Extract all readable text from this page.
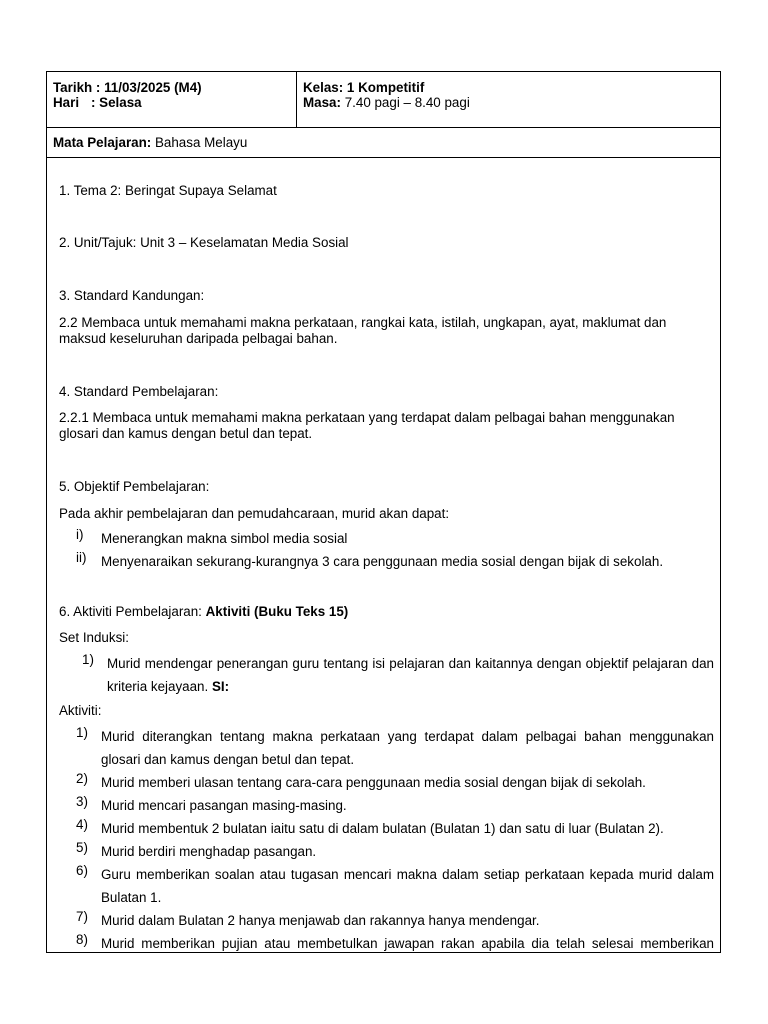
Tarikh : 11/03/2025 (M4)
Hari : Selasa
Kelas: 1 Kompetitif
Masa: 7.40 pagi – 8.40 pagi
Mata Pelajaran: Bahasa Melayu
1. Tema 2: Beringat Supaya Selamat
2. Unit/Tajuk: Unit 3 – Keselamatan Media Sosial
3. Standard Kandungan:
2.2 Membaca untuk memahami makna perkataan, rangkai kata, istilah, ungkapan, ayat, maklumat dan maksud keseluruhan daripada pelbagai bahan.
4. Standard Pembelajaran:
2.2.1 Membaca untuk memahami makna perkataan yang terdapat dalam pelbagai bahan menggunakan glosari dan kamus dengan betul dan tepat.
5. Objektif Pembelajaran:
Pada akhir pembelajaran dan pemudahcaraan, murid akan dapat:
i)	Menerangkan makna simbol media sosial
ii)	Menyenaraikan sekurang-kurangnya 3 cara penggunaan media sosial dengan bijak di sekolah.
6. Aktiviti Pembelajaran: Aktiviti (Buku Teks 15)
Set Induksi:
1) Murid mendengar penerangan guru tentang isi pelajaran dan kaitannya dengan objektif pelajaran dan kriteria kejayaan. SI:
Aktiviti:
1) Murid diterangkan tentang makna perkataan yang terdapat dalam pelbagai bahan menggunakan glosari dan kamus dengan betul dan tepat.
2) Murid memberi ulasan tentang cara-cara penggunaan media sosial dengan bijak di sekolah.
3) Murid mencari pasangan masing-masing.
4) Murid membentuk 2 bulatan iaitu satu di dalam bulatan (Bulatan 1) dan satu di luar (Bulatan 2).
5) Murid berdiri menghadap pasangan.
6) Guru memberikan soalan atau tugasan mencari makna dalam setiap perkataan kepada murid dalam Bulatan 1.
7) Murid dalam Bulatan 2 hanya menjawab dan rakannya hanya mendengar.
8) Murid memberikan pujian atau membetulkan jawapan rakan apabila dia telah selesai memberikan
